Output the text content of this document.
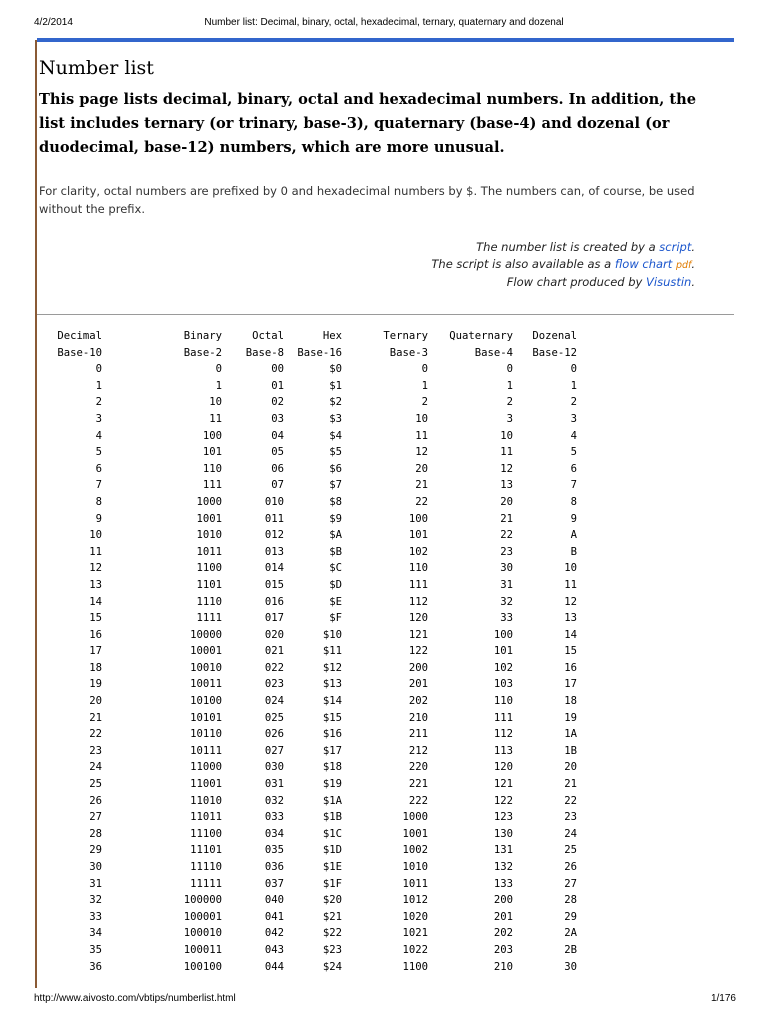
4/2/2014	Number list: Decimal, binary, octal, hexadecimal, ternary, quaternary and dozenal
Number list

This page lists decimal, binary, octal and hexadecimal numbers. In addition, the list includes ternary (or trinary, base-3), quaternary (base-4) and dozenal (or duodecimal, base-12) numbers, which are more unusual.

For clarity, octal numbers are prefixed by 0 and hexadecimal numbers by $. The numbers can, of course, be used without the prefix.

The number list is created by a script.
The script is also available as a flow chart pdf.
Flow chart produced by Visustin.
Decimal	Binary	Octal	Hex	Ternary	Quaternary	Dozenal
Base-10	Base-2	Base-8	Base-16	Base-3	Base-4	Base-12
0	0	00	$0	0	0	0
1	1	01	$1	1	1	1
2	10	02	$2	2	2	2
3	11	03	$3	10	3	3
4	100	04	$4	11	10	4
5	101	05	$5	12	11	5
6	110	06	$6	20	12	6
7	111	07	$7	21	13	7
8	1000	010	$8	22	20	8
9	1001	011	$9	100	21	9
10	1010	012	$A	101	22	A
11	1011	013	$B	102	23	B
12	1100	014	$C	110	30	10
13	1101	015	$D	111	31	11
14	1110	016	$E	112	32	12
15	1111	017	$F	120	33	13
16	10000	020	$10	121	100	14
17	10001	021	$11	122	101	15
18	10010	022	$12	200	102	16
19	10011	023	$13	201	103	17
20	10100	024	$14	202	110	18
21	10101	025	$15	210	111	19
22	10110	026	$16	211	112	1A
23	10111	027	$17	212	113	1B
24	11000	030	$18	220	120	20
25	11001	031	$19	221	121	21
26	11010	032	$1A	222	122	22
27	11011	033	$1B	1000	123	23
28	11100	034	$1C	1001	130	24
29	11101	035	$1D	1002	131	25
30	11110	036	$1E	1010	132	26
31	11111	037	$1F	1011	133	27
32	100000	040	$20	1012	200	28
33	100001	041	$21	1020	201	29
34	100010	042	$22	1021	202	2A
35	100011	043	$23	1022	203	2B
36	100100	044	$24	1100	210	30
http://www.aivosto.com/vbtips/numberlist.html	1/176
